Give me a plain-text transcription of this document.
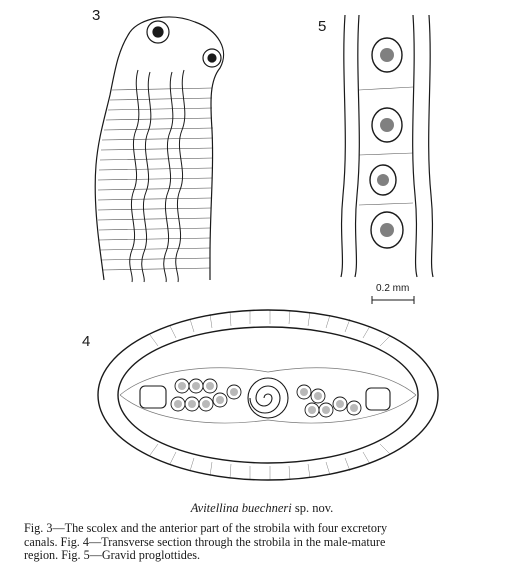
3
5
0.2 mm
4
Avitellina buechneri sp. nov.

Fig. 3—The scolex and the anterior part of the strobila with four excretory

canals. Fig. 4—Transverse section through the strobila in the male-mature

region. Fig. 5—Gravid proglottides.
